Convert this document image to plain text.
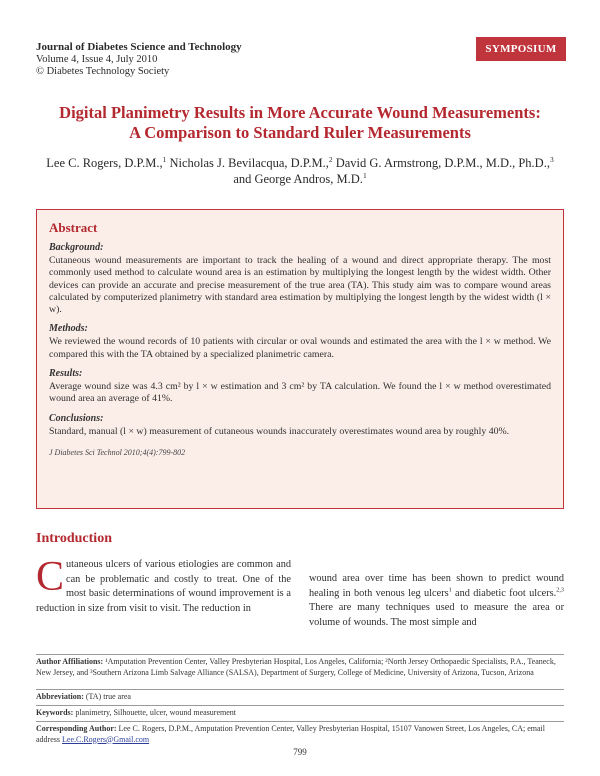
Journal of Diabetes Science and Technology
Volume 4, Issue 4, July 2010
© Diabetes Technology Society
SYMPOSIUM
Digital Planimetry Results in More Accurate Wound Measurements:
A Comparison to Standard Ruler Measurements
Lee C. Rogers, D.P.M.,$^1$ Nicholas J. Bevilacqua, D.P.M.,$^2$ David G. Armstrong, D.P.M., M.D., Ph.D.,$^3$
and George Andros, M.D.$^1$
Abstract
Background:

Cutaneous wound measurements are important to track the healing of a wound and direct appropriate therapy. The most commonly used method to calculate wound area is an estimation by multiplying the longest length by the widest width. Other devices can provide an accurate and precise measurement of the true area (TA). This study aim was to compare wound areas calculated by computerized planimetry with standard area estimation by multiplying the longest length by the widest width (l × w).

Methods:

We reviewed the wound records of 10 patients with circular or oval wounds and estimated the area with the l × w method. We compared this with the TA obtained by a specialized planimetric camera.

Results:

Average wound size was 4.3 cm² by l × w estimation and 3 cm² by TA calculation. We found the l × w method overestimated wound area an average of 41%.

Conclusions:

Standard, manual (l × w) measurement of cutaneous wounds inaccurately overestimates wound area by roughly 40%.

J Diabetes Sci Technol 2010;4(4):799-802
Introduction
Cutaneous ulcers of various etiologies are common and can be problematic and costly to treat. One of the most basic determinations of wound improvement is a reduction in size from visit to visit. The reduction in
wound area over time has been shown to predict wound healing in both venous leg ulcers$^1$ and diabetic foot ulcers.$^{2,3}$ There are many techniques used to measure the area or volume of wounds. The most simple and
Author Affiliations: ¹Amputation Prevention Center, Valley Presbyterian Hospital, Los Angeles, California; ²North Jersey Orthopaedic Specialists, P.A., Teaneck, New Jersey, and ³Southern Arizona Limb Salvage Alliance (SALSA), Department of Surgery, College of Medicine, University of Arizona, Tucson, Arizona
Abbreviation: (TA) true area
Keywords: planimetry, Silhouette, ulcer, wound measurement
Corresponding Author: Lee C. Rogers, D.P.M., Amputation Prevention Center, Valley Presbyterian Hospital, 15107 Vanowen Street, Los Angeles, CA; email address Lee.C.Rogers@Gmail.com
799
